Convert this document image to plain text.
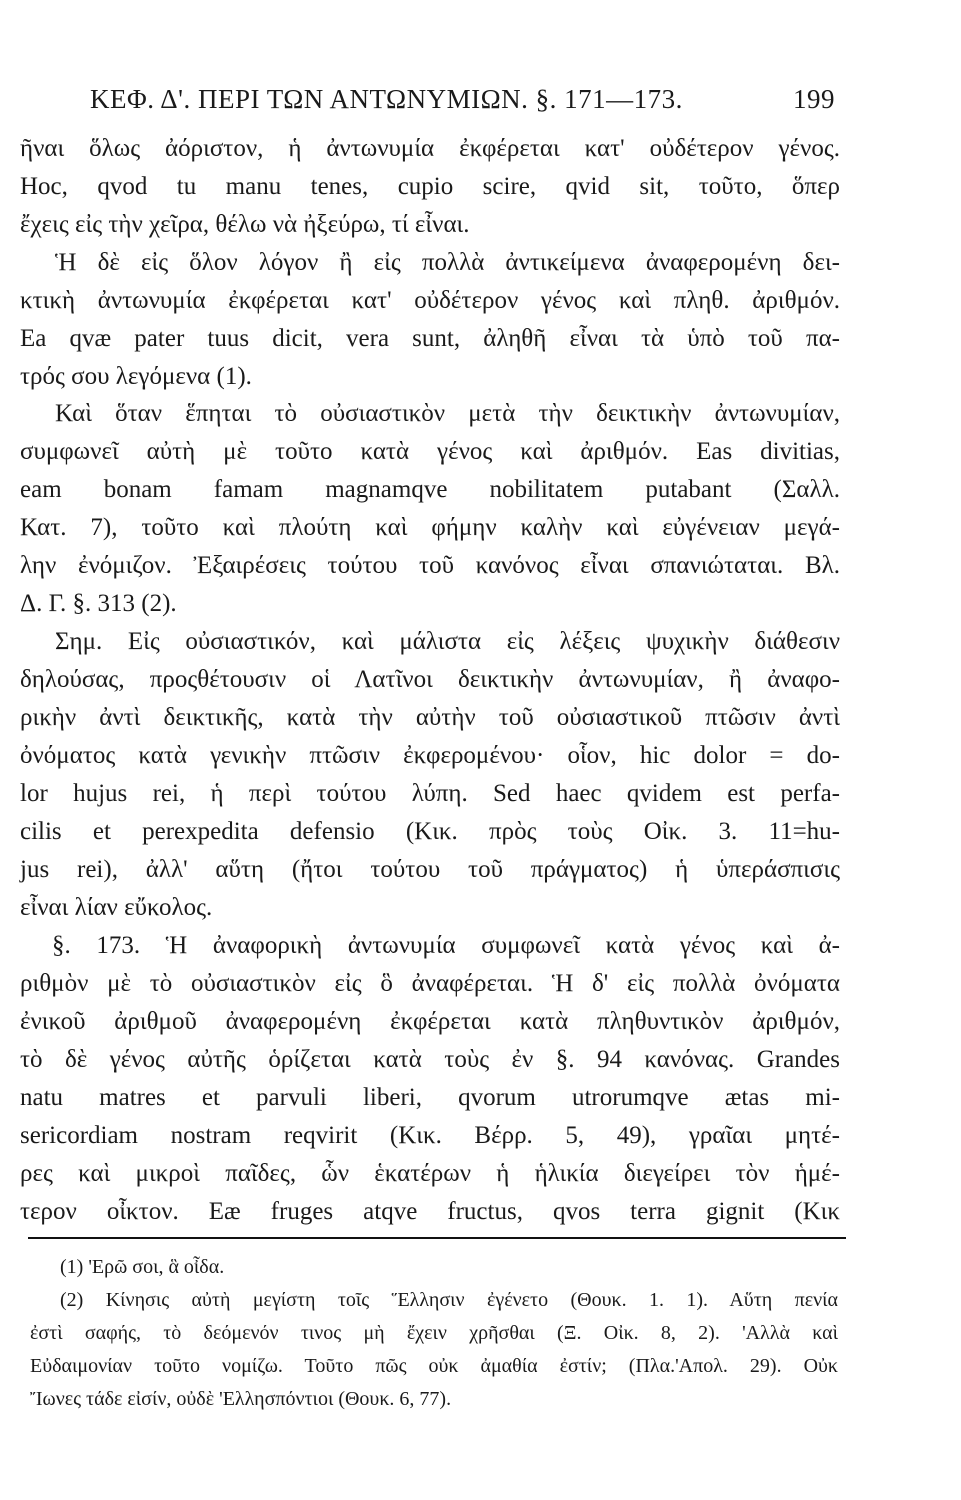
ΚΕΦ. Δ'. ΠΕΡΙ ΤΩΝ ΑΝΤΩΝΥΜΙΩΝ. §. 171—173.	199
ῆναι ὅλως ἀόριστον, ἡ ἀντωνυμία ἐκφέρεται κατ' οὐδέτερον γένος.
Hoc, qvod tu manu tenes, cupio scire, qvid sit, τοῦτο, ὅπερ
ἔχεις εἰς τὴν χεῖρα, θέλω νὰ ἠξεύρω, τί εἶναι.
Ἡ δὲ εἰς ὅλον λόγον ἢ εἰς πολλὰ ἀντικείμενα ἀναφερομένη δει-
κτικὴ ἀντωνυμία ἐκφέρεται κατ' οὐδέτερον γένος καὶ πληθ. ἀριθμόν.
Ea qvæ pater tuus dicit, vera sunt, ἀληθῆ εἶναι τὰ ὑπὸ τοῦ πα-
τρός σου λεγόμενα (1).
Καὶ ὅταν ἕπηται τὸ οὐσιαστικὸν μετὰ τὴν δεικτικὴν ἀντωνυμίαν,
συμφωνεῖ αὐτὴ μὲ τοῦτο κατὰ γένος καὶ ἀριθμόν. Eas divitias,
eam bonam famam magnamqve nobilitatem putabant (Σαλλ.
Κατ. 7), τοῦτο καὶ πλούτη καὶ φήμην καλὴν καὶ εὐγένειαν μεγά-
λην ἐνόμιζον. Ἐξαιρέσεις τούτου τοῦ κανόνος εἶναι σπανιώταται. Βλ.
Δ. Γ. §. 313 (2).
Σημ. Εἰς οὐσιαστικόν, καὶ μάλιστα εἰς λέξεις ψυχικὴν διάθεσιν
δηλούσας, προςθέτουσιν οἱ Λατῖνοι δεικτικὴν ἀντωνυμίαν, ἢ ἀναφο-
ρικὴν ἀντὶ δεικτικῆς, κατὰ τὴν αὐτὴν τοῦ οὐσιαστικοῦ πτῶσιν ἀντὶ
ὀνόματος κατὰ γενικὴν πτῶσιν ἐκφερομένου· οἷον, hic dolor = do-
lor hujus rei, ἡ περὶ τούτου λύπη. Sed haec qvidem est perfa-
cilis et perexpedita defensio (Κικ. πρὸς τοὺς Οἰκ. 3. 11=hu-
jus rei), ἀλλ' αὕτη (ἤτοι τούτου τοῦ πράγματος) ἡ ὑπεράσπισις
εἶναι λίαν εὔκολος.
§. 173. Ἡ ἀναφορικὴ ἀντωνυμία συμφωνεῖ κατὰ γένος καὶ ἀ-
ριθμὸν μὲ τὸ οὐσιαστικὸν εἰς ὃ ἀναφέρεται. Ἡ δ' εἰς πολλὰ ὀνόματα
ἐνικοῦ ἀριθμοῦ ἀναφερομένη ἐκφέρεται κατὰ πληθυντικὸν ἀριθμόν,
τὸ δὲ γένος αὐτῆς ὁρίζεται κατὰ τοὺς ἐν §. 94 κανόνας. Grandes
natu matres et parvuli liberi, qvorum utrorumqve ætas mi-
sericordiam nostram reqvirit (Κικ. Βέρρ. 5, 49), γραῖαι μητέ-
ρες καὶ μικροὶ παῖδες, ὧν ἑκατέρων ἡ ἡλικία διεγείρει τὸν ἡμέ-
τερον οἶκτον. Eæ fruges atqve fructus, qvos terra gignit (Κικ
(1) 'Ερῶ σοι, ἃ οἶδα.
(2) Κίνησις αὐτὴ μεγίστη τοῖς Ἕλλησιν ἐγένετο (Θουκ. 1. 1). Αὕτη πενία
ἐστὶ σαφής, τὸ δεόμενόν τινος μὴ ἔχειν χρῆσθαι (Ξ. Οἰκ. 8, 2). 'Αλλὰ καὶ
Εὐδαιμονίαν τοῦτο νομίζω. Τοῦτο πῶς οὐκ ἀμαθία ἐστίν; (Πλα.'Απολ. 29). Οὐκ
Ἴωνες τάδε εἰσίν, οὐδὲ 'Ελλησπόντιοι (Θουκ. 6, 77).
